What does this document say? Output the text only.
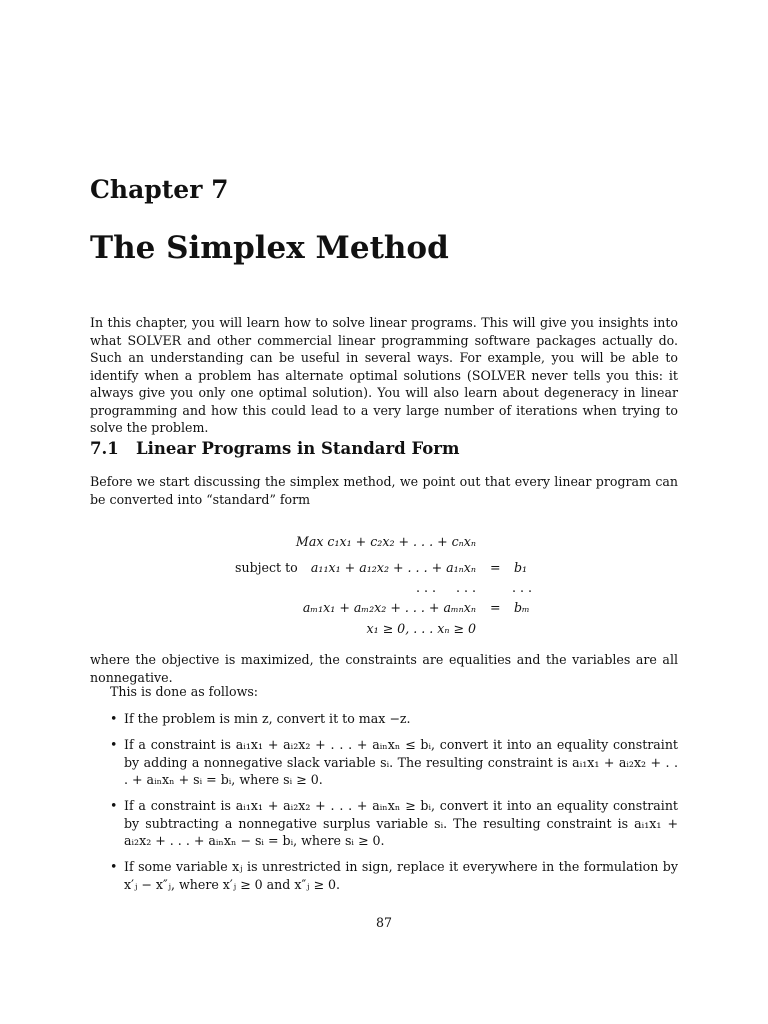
Chapter 7
The Simplex Method
In this chapter, you will learn how to solve linear programs. This will give you insights into what SOLVER and other commercial linear programming software packages actually do. Such an understanding can be useful in several ways. For example, you will be able to identify when a problem has alternate optimal solutions (SOLVER never tells you this: it always give you only one optimal solution). You will also learn about degeneracy in linear programming and how this could lead to a very large number of iterations when trying to solve the problem.
7.1 Linear Programs in Standard Form
Before we start discussing the simplex method, we point out that every linear program can be converted into “standard” form
Max c₁x₁ + c₂x₂ + . . . + cₙxₙ
subject to	a₁₁x₁ + a₁₂x₂ + . . . + a₁ₙxₙ = b₁
. . .     . . .	. . .
aₘ₁x₁ + aₘ₂x₂ + . . . + aₘₙxₙ = bₘ
x₁ ≥ 0, . . . xₙ ≥ 0
where the objective is maximized, the constraints are equalities and the variables are all nonnegative.
This is done as follows:
• If the problem is min z, convert it to max −z.
• If a constraint is aᵢ₁x₁ + aᵢ₂x₂ + . . . + aᵢₙxₙ ≤ bᵢ, convert it into an equality constraint by adding a nonnegative slack variable sᵢ. The resulting constraint is aᵢ₁x₁ + aᵢ₂x₂ + . . . + aᵢₙxₙ + sᵢ = bᵢ, where sᵢ ≥ 0.
• If a constraint is aᵢ₁x₁ + aᵢ₂x₂ + . . . + aᵢₙxₙ ≥ bᵢ, convert it into an equality constraint by subtracting a nonnegative surplus variable sᵢ. The resulting constraint is aᵢ₁x₁ + aᵢ₂x₂ + . . . + aᵢₙxₙ − sᵢ = bᵢ, where sᵢ ≥ 0.
• If some variable xⱼ is unrestricted in sign, replace it everywhere in the formulation by x′ⱼ − x″ⱼ, where x′ⱼ ≥ 0 and x″ⱼ ≥ 0.
87
